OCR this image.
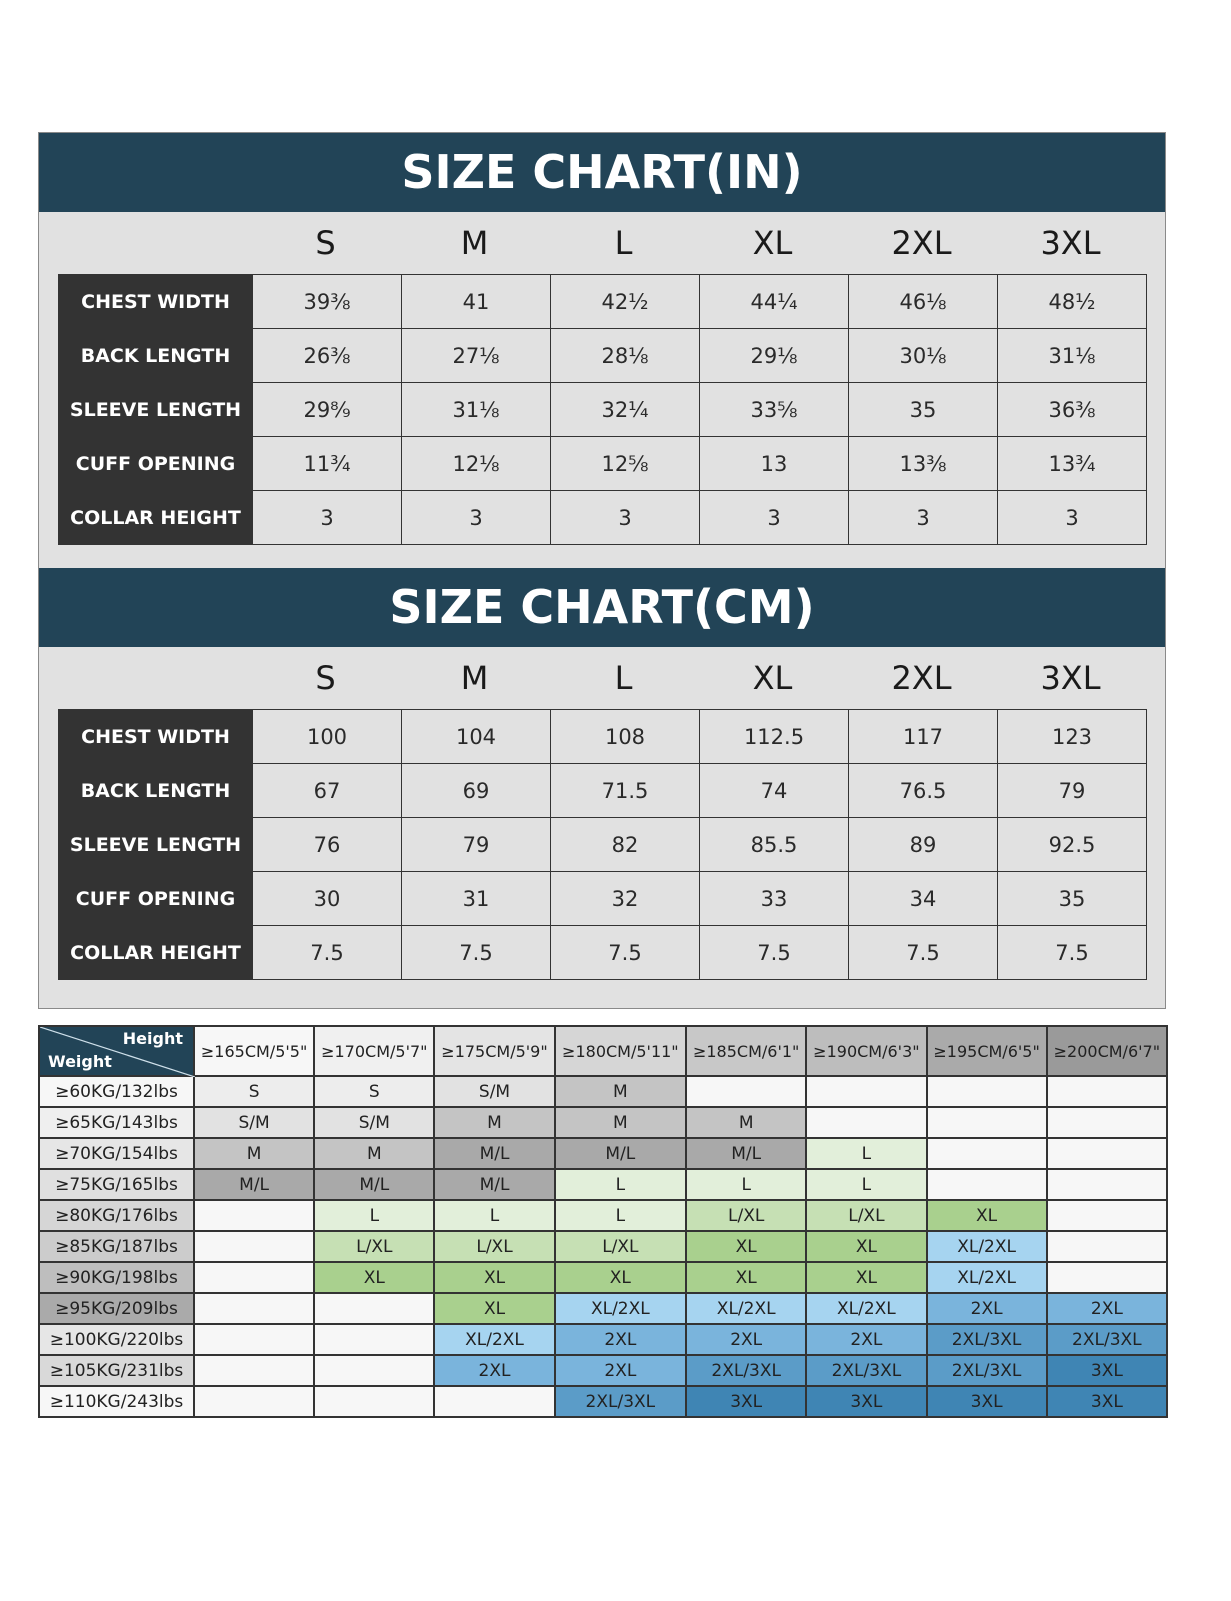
SIZE CHART(IN)
S	M	L	XL	2XL	3XL
CHEST WIDTH	39⅜	41	42½	44¼	46⅛	48½
BACK LENGTH	26⅜	27⅛	28⅛	29⅛	30⅛	31⅛
SLEEVE LENGTH	29⁸⁄₉	31⅛	32¼	33⅝	35	36⅜
CUFF OPENING	11¾	12⅛	12⅝	13	13⅜	13¾
COLLAR HEIGHT	3	3	3	3	3	3
SIZE CHART(CM)
S	M	L	XL	2XL	3XL
CHEST WIDTH	100	104	108	112.5	117	123
BACK LENGTH	67	69	71.5	74	76.5	79
SLEEVE LENGTH	76	79	82	85.5	89	92.5
CUFF OPENING	30	31	32	33	34	35
COLLAR HEIGHT	7.5	7.5	7.5	7.5	7.5	7.5
Height
Weight	≥165CM/5'5"	≥170CM/5'7"	≥175CM/5'9"	≥180CM/5'11"	≥185CM/6'1"	≥190CM/6'3"	≥195CM/6'5"	≥200CM/6'7"
≥60KG/132lbs	S	S	S/M	M				
≥65KG/143lbs	S/M	S/M	M	M	M			
≥70KG/154lbs	M	M	M/L	M/L	M/L	L		
≥75KG/165lbs	M/L	M/L	M/L	L	L	L		
≥80KG/176lbs		L	L	L	L/XL	L/XL	XL	
≥85KG/187lbs		L/XL	L/XL	L/XL	XL	XL	XL/2XL	
≥90KG/198lbs		XL	XL	XL	XL	XL	XL/2XL	
≥95KG/209lbs			XL	XL/2XL	XL/2XL	XL/2XL	2XL	2XL
≥100KG/220lbs			XL/2XL	2XL	2XL	2XL	2XL/3XL	2XL/3XL
≥105KG/231lbs			2XL	2XL	2XL/3XL	2XL/3XL	2XL/3XL	3XL
≥110KG/243lbs				2XL/3XL	3XL	3XL	3XL	3XL
